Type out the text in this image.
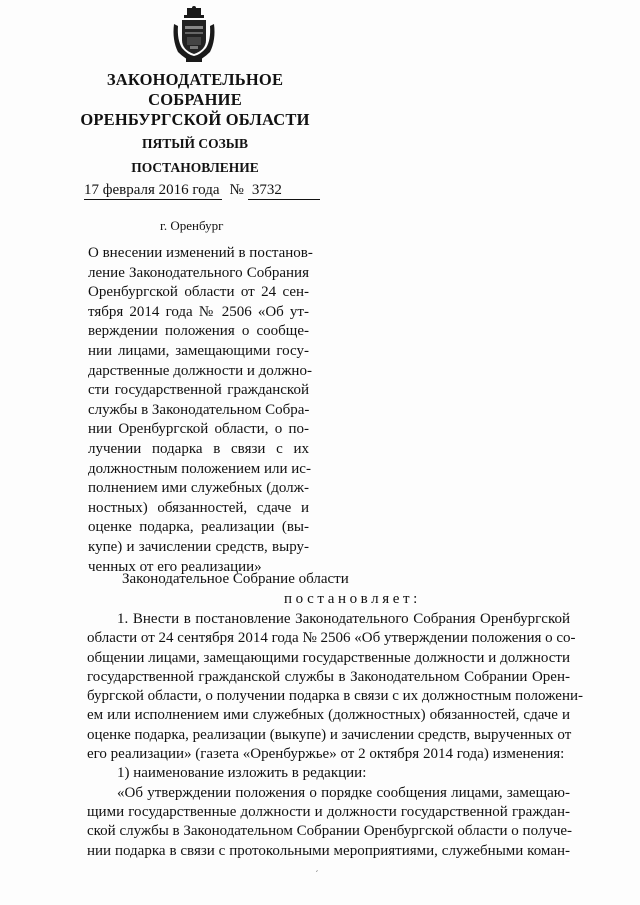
ЗАКОНОДАТЕЛЬНОЕ
СОБРАНИЕ
ОРЕНБУРГСКОЙ ОБЛАСТИ
ПЯТЫЙ СОЗЫВ
ПОСТАНОВЛЕНИЕ
17 февраля 2016 года № 3732
г. Оренбург
О внесении изменений в постанов-
ление Законодательного Собрания
Оренбургской области от 24 сен-
тября 2014 года № 2506 «Об ут-
верждении положения о сообще-
нии лицами, замещающими госу-
дарственные должности и должно-
сти государственной гражданской
службы в Законодательном Собра-
нии Оренбургской области, о по-
лучении подарка в связи с их
должностным положением или ис-
полнением ими служебных (долж-
ностных) обязанностей, сдаче и
оценке подарка, реализации (вы-
купе) и зачислении средств, выру-
ченных от его реализации»
Законодательное Собрание области
постановляет:
1. Внести в постановление Законодательного Собрания Оренбургской
области от 24 сентября 2014 года № 2506 «Об утверждении положения о со-
общении лицами, замещающими государственные должности и должности
государственной гражданской службы в Законодательном Собрании Орен-
бургской области, о получении подарка в связи с их должностным положени-
ем или исполнением ими служебных (должностных) обязанностей, сдаче и
оценке подарка, реализации (выкупе) и зачислении средств, вырученных от
его реализации» (газета «Оренбуржье» от 2 октября 2014 года) изменения:
1) наименование изложить в редакции:
«Об утверждении положения о порядке сообщения лицами, замещаю-
щими государственные должности и должности государственной граждан-
ской службы в Законодательном Собрании Оренбургской области о получе-
нии подарка в связи с протокольными мероприятиями, служебными коман-
